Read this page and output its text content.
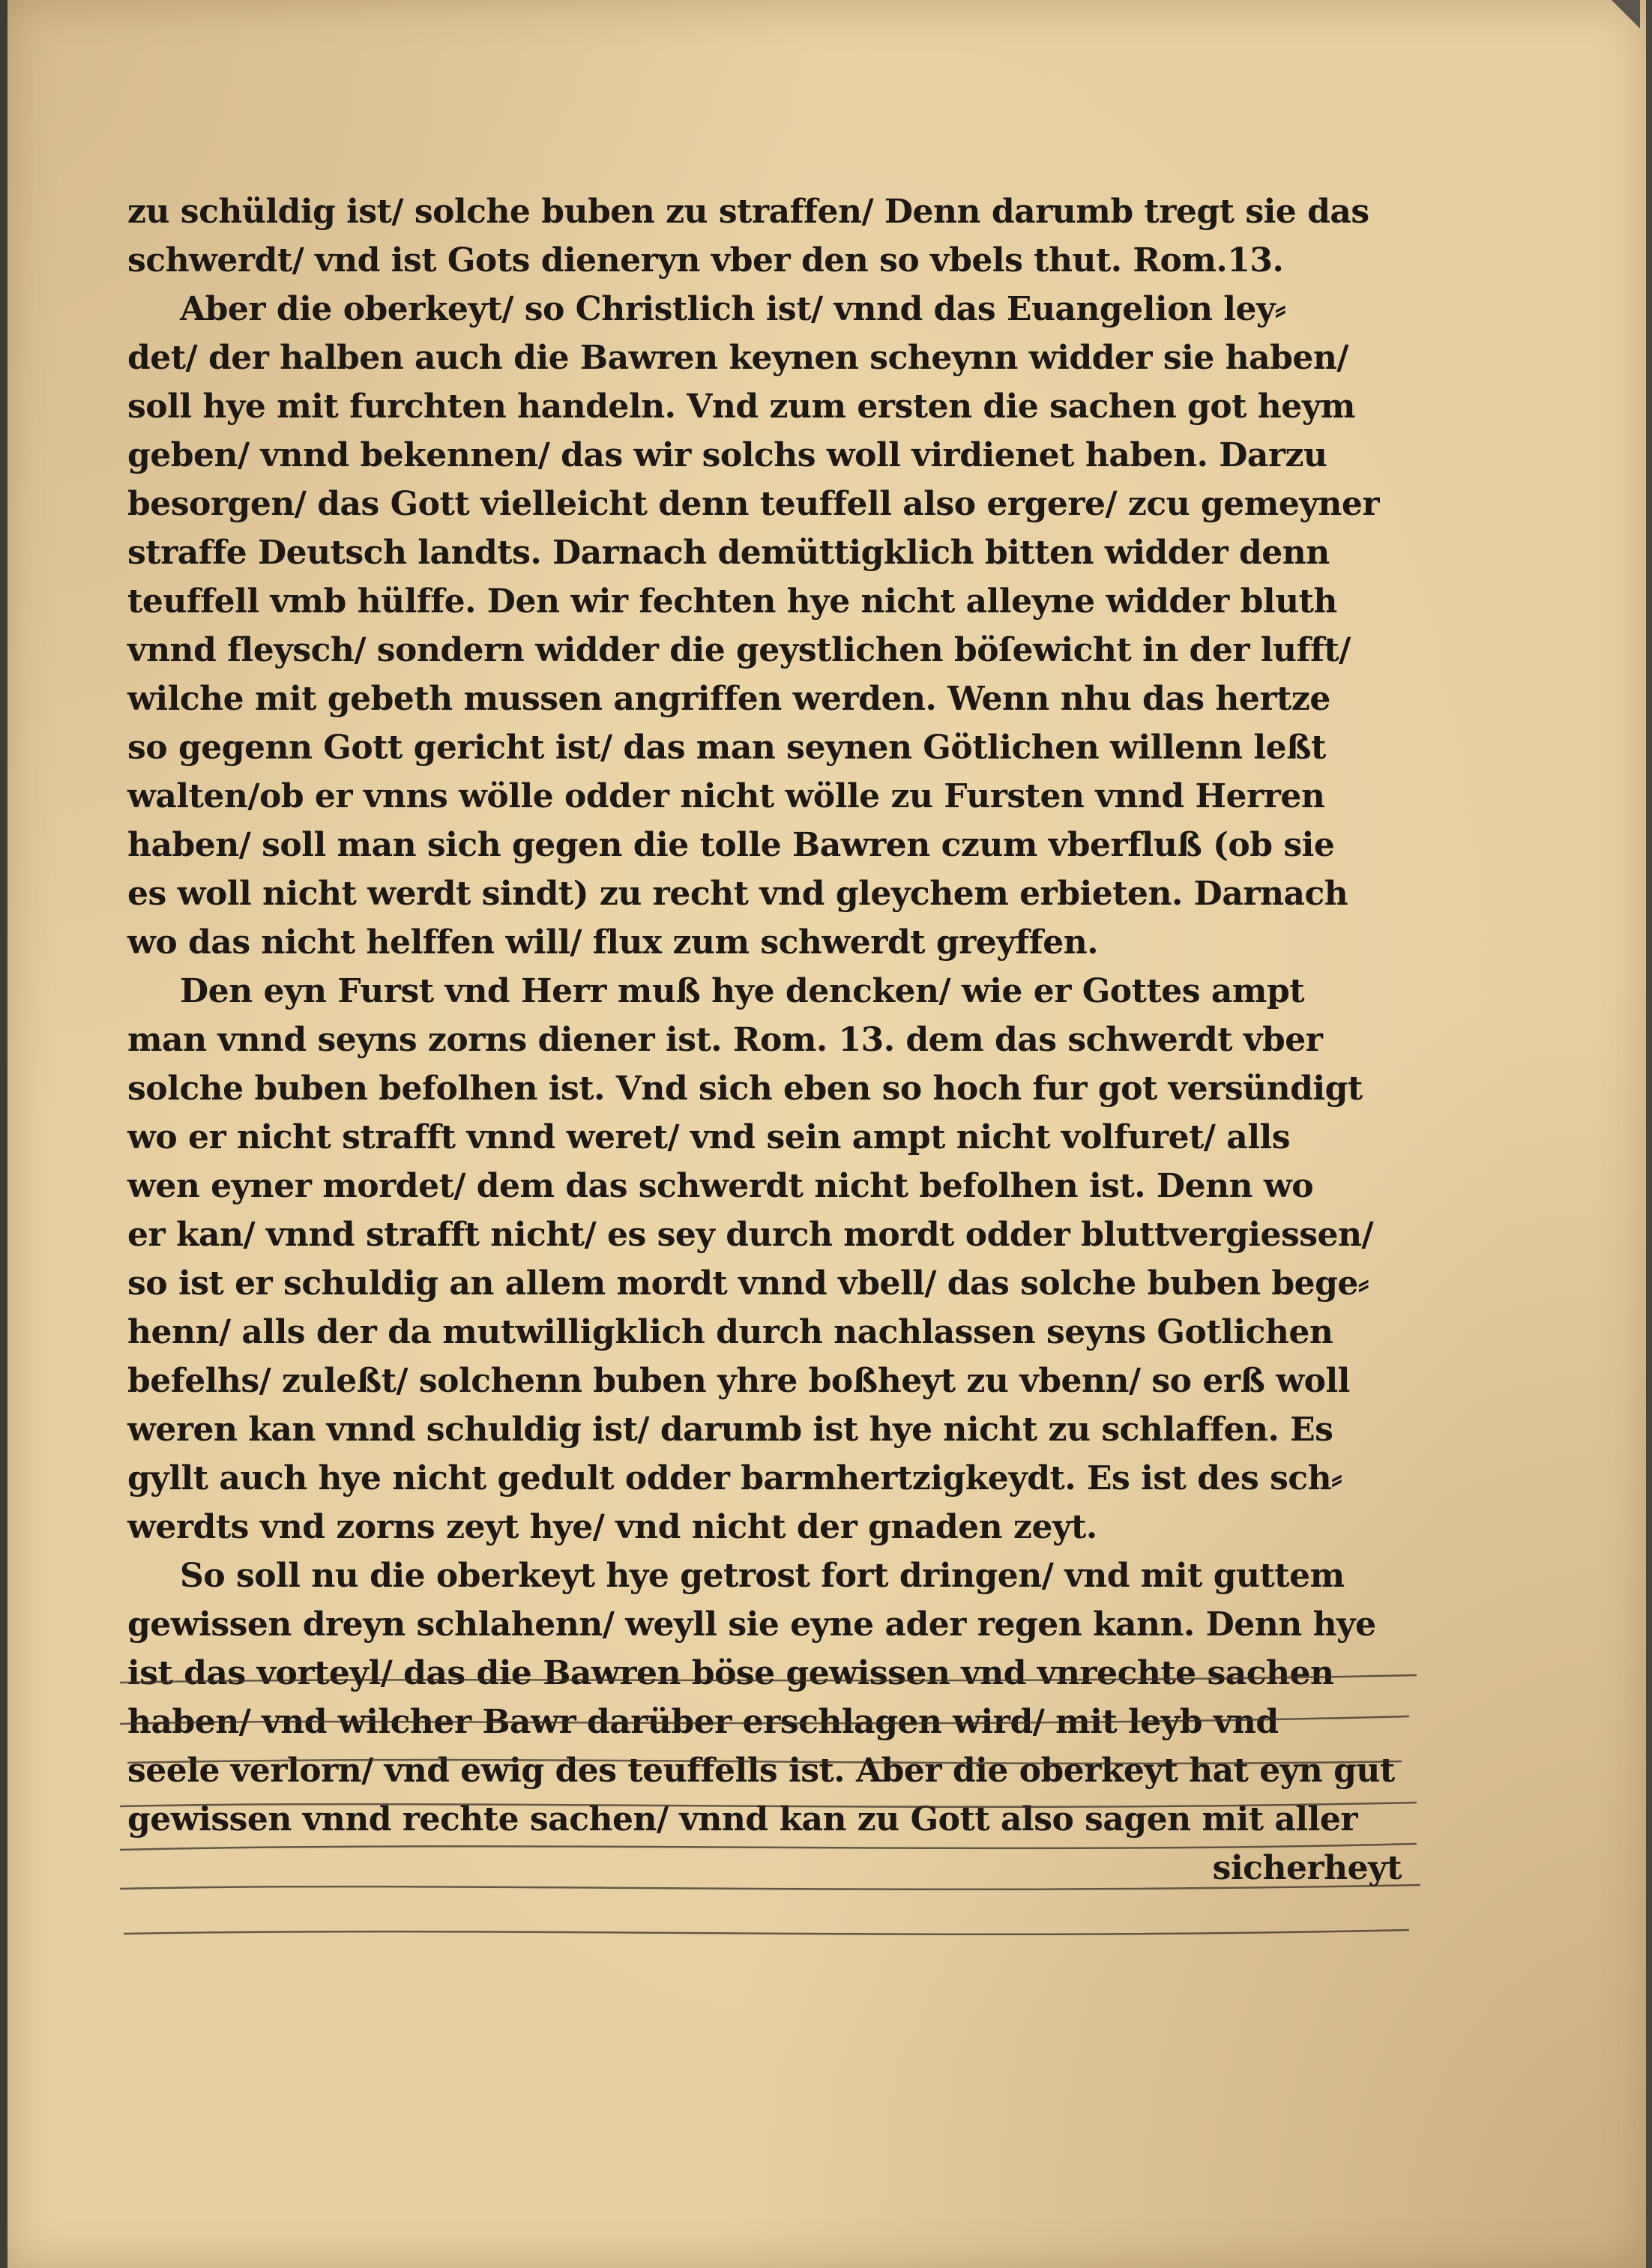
zu schüldig ist/ solche buben zu straffen/ Denn darumb tregt sie das
schwerdt/ vnd ist Gots dieneryn vber den so vbels thut. Rom.13.
Aber die oberkeyt/ so Christlich ist/ vnnd das Euangelion ley⸗
det/ der halben auch die Bawren keynen scheynn widder sie haben/
soll hye mit furchten handeln. Vnd zum ersten die sachen got heym
geben/ vnnd bekennen/ das wir solchs woll virdienet haben. Darzu
besorgen/ das Gott vielleicht denn teuffell also ergere/ zcu gemeyner
straffe Deutsch landts. Darnach demüttigklich bitten widder denn
teuffell vmb hülffe. Den wir fechten hye nicht alleyne widder bluth
vnnd fleysch/ sondern widder die geystlichen böſewicht in der lufft/
wilche mit gebeth mussen angriffen werden. Wenn nhu das hertze
so gegenn Gott gericht ist/ das man seynen Götlichen willenn leßt
walten/ob er vnns wölle odder nicht wölle zu Fursten vnnd Herren
haben/ soll man sich gegen die tolle Bawren czum vberfluß (ob sie
es woll nicht werdt sindt) zu recht vnd gleychem erbieten. Darnach
wo das nicht helffen will/ flux zum schwerdt greyffen.
Den eyn Furst vnd Herr muß hye dencken/ wie er Gottes ampt
man vnnd seyns zorns diener ist. Rom. 13. dem das schwerdt vber
solche buben befolhen ist. Vnd sich eben so hoch fur got versündigt
wo er nicht strafft vnnd weret/ vnd sein ampt nicht volfuret/ alls
wen eyner mordet/ dem das schwerdt nicht befolhen ist. Denn wo
er kan/ vnnd strafft nicht/ es sey durch mordt odder bluttvergiessen/
so ist er schuldig an allem mordt vnnd vbell/ das solche buben bege⸗
henn/ alls der da mutwilligklich durch nachlassen seyns Gotlichen
befelhs/ zuleßt/ solchenn buben yhre boßheyt zu vbenn/ so erß woll
weren kan vnnd schuldig ist/ darumb ist hye nicht zu schlaffen. Es
gyllt auch hye nicht gedult odder barmhertzigkeydt. Es ist des sch⸗
werdts vnd zorns zeyt hye/ vnd nicht der gnaden zeyt.
So soll nu die oberkeyt hye getrost fort dringen/ vnd mit guttem
gewissen dreyn schlahenn/ weyll sie eyne ader regen kann. Denn hye
ist das vorteyl/ das die Bawren böse gewissen vnd vnrechte sachen
haben/ vnd wilcher Bawr darüber erschlagen wird/ mit leyb vnd
seele verlorn/ vnd ewig des teuffells ist. Aber die oberkeyt hat eyn gut
gewissen vnnd rechte sachen/ vnnd kan zu Gott also sagen mit aller
sicherheyt
